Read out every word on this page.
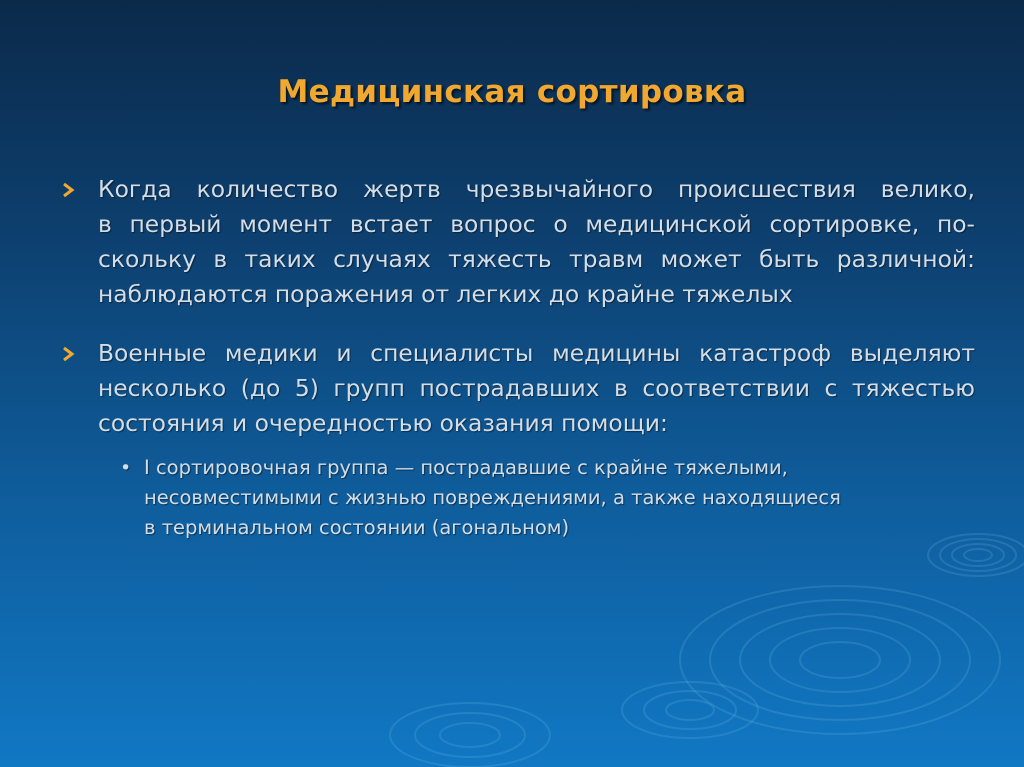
Медицинская сортировка
Когда количество жертв чрезвычайного происшествия велико,
в первый момент встает вопрос о медицинской сортировке, по-
скольку в таких случаях тяжесть травм может быть различной:
наблюдаются поражения от легких до крайне тяжелых
Военные медики и специалисты медицины катастроф выделяют
несколько (до 5) групп пострадавших в соответствии с тяжестью
состояния и очередностью оказания помощи:
• I сортировочная группа — пострадавшие с крайне тяжелыми,
несовместимыми с жизнью повреждениями, а также находящиеся
в терминальном состоянии (агональном)
